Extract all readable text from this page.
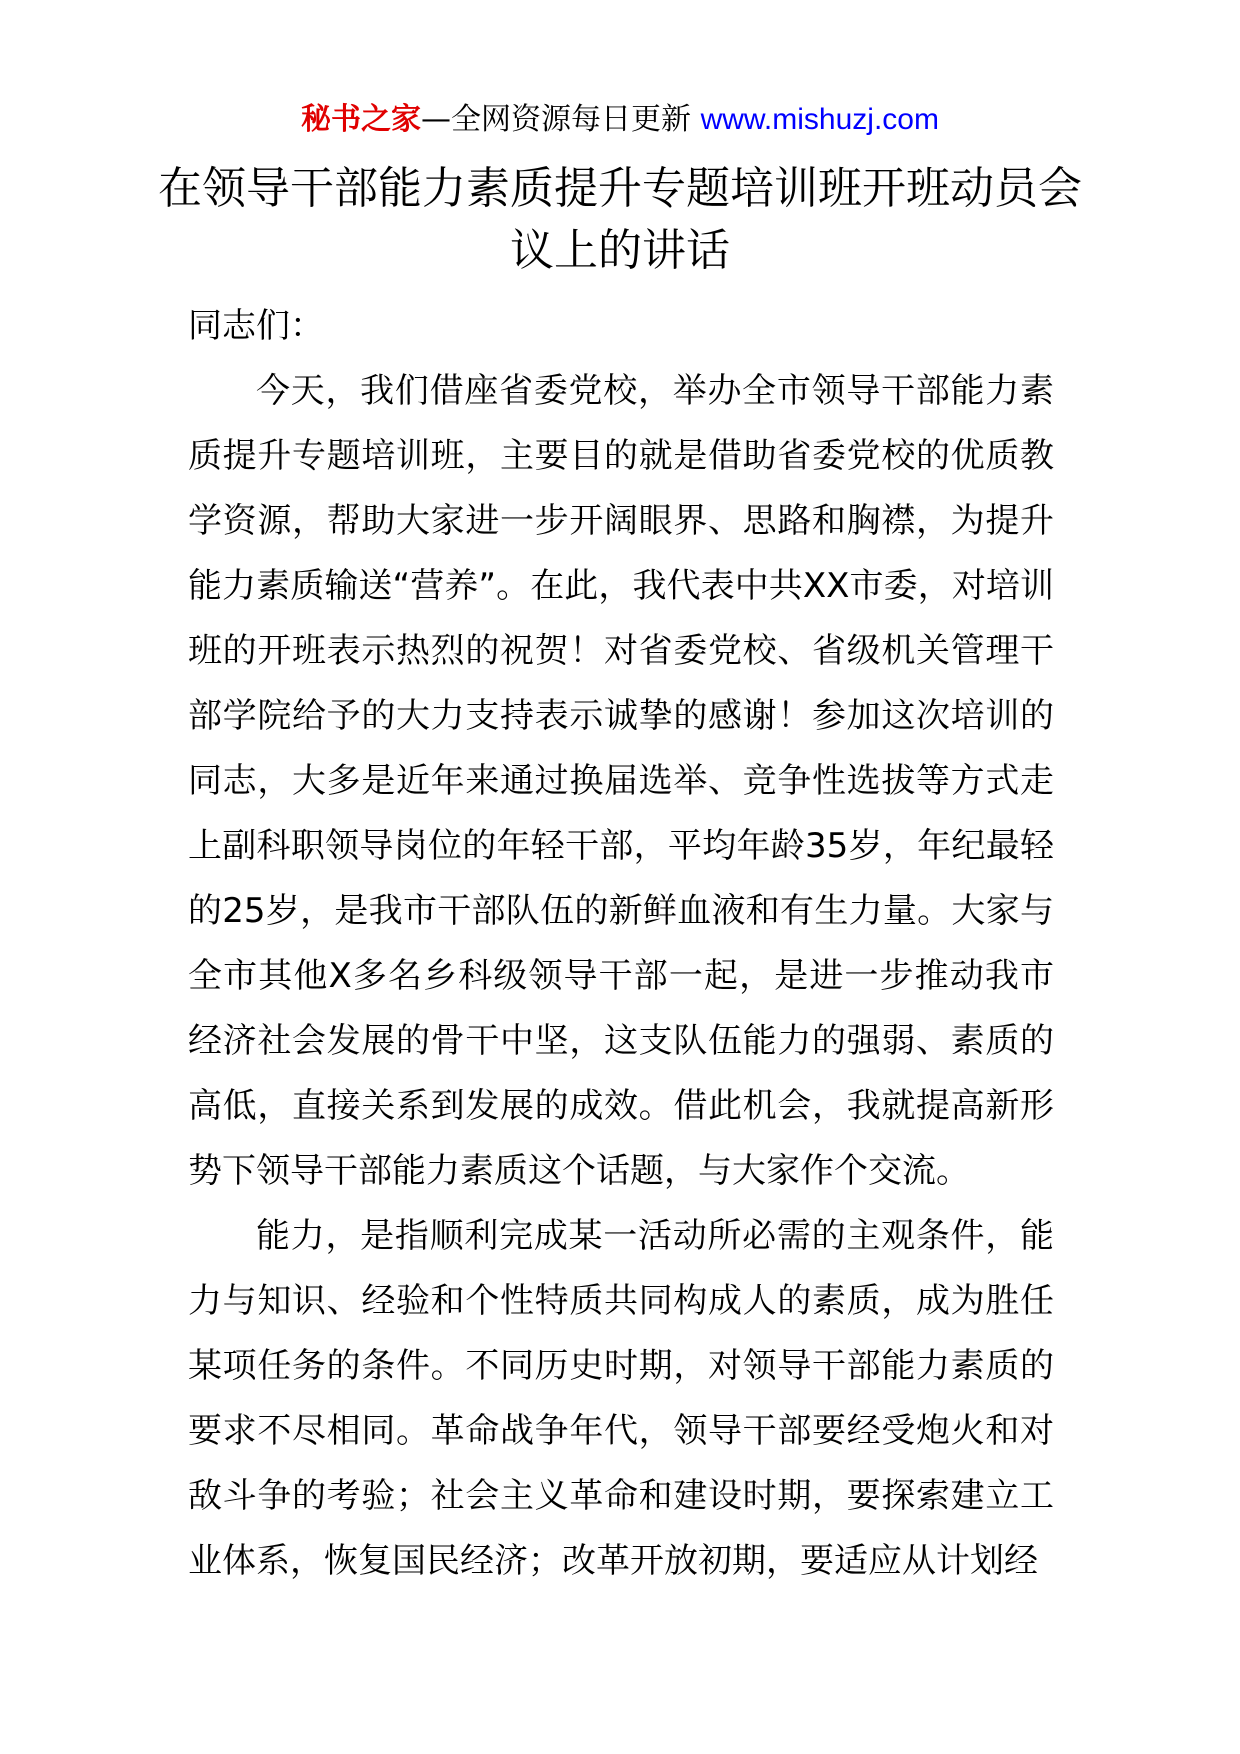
秘书之家—全网资源每日更新 www.mishuzj.com
在领导干部能力素质提升专题培训班开班动员会议上的讲话

同志们：

今天，我们借座省委党校，举办全市领导干部能力素质提升专题培训班，主要目的就是借助省委党校的优质教学资源，帮助大家进一步开阔眼界、思路和胸襟，为提升能力素质输送“营养”。在此，我代表中共XX市委，对培训班的开班表示热烈的祝贺！对省委党校、省级机关管理干部学院给予的大力支持表示诚挚的感谢！参加这次培训的同志，大多是近年来通过换届选举、竞争性选拔等方式走上副科职领导岗位的年轻干部，平均年龄35岁，年纪最轻的25岁，是我市干部队伍的新鲜血液和有生力量。大家与全市其他X多名乡科级领导干部一起，是进一步推动我市经济社会发展的骨干中坚，这支队伍能力的强弱、素质的高低，直接关系到发展的成效。借此机会，我就提高新形势下领导干部能力素质这个话题，与大家作个交流。

能力，是指顺利完成某一活动所必需的主观条件，能力与知识、经验和个性特质共同构成人的素质，成为胜任某项任务的条件。不同历史时期，对领导干部能力素质的要求不尽相同。革命战争年代，领导干部要经受炮火和对敌斗争的考验；社会主义革命和建设时期，要探索建立工业体系，恢复国民经济；改革开放初期，要适应从计划经
